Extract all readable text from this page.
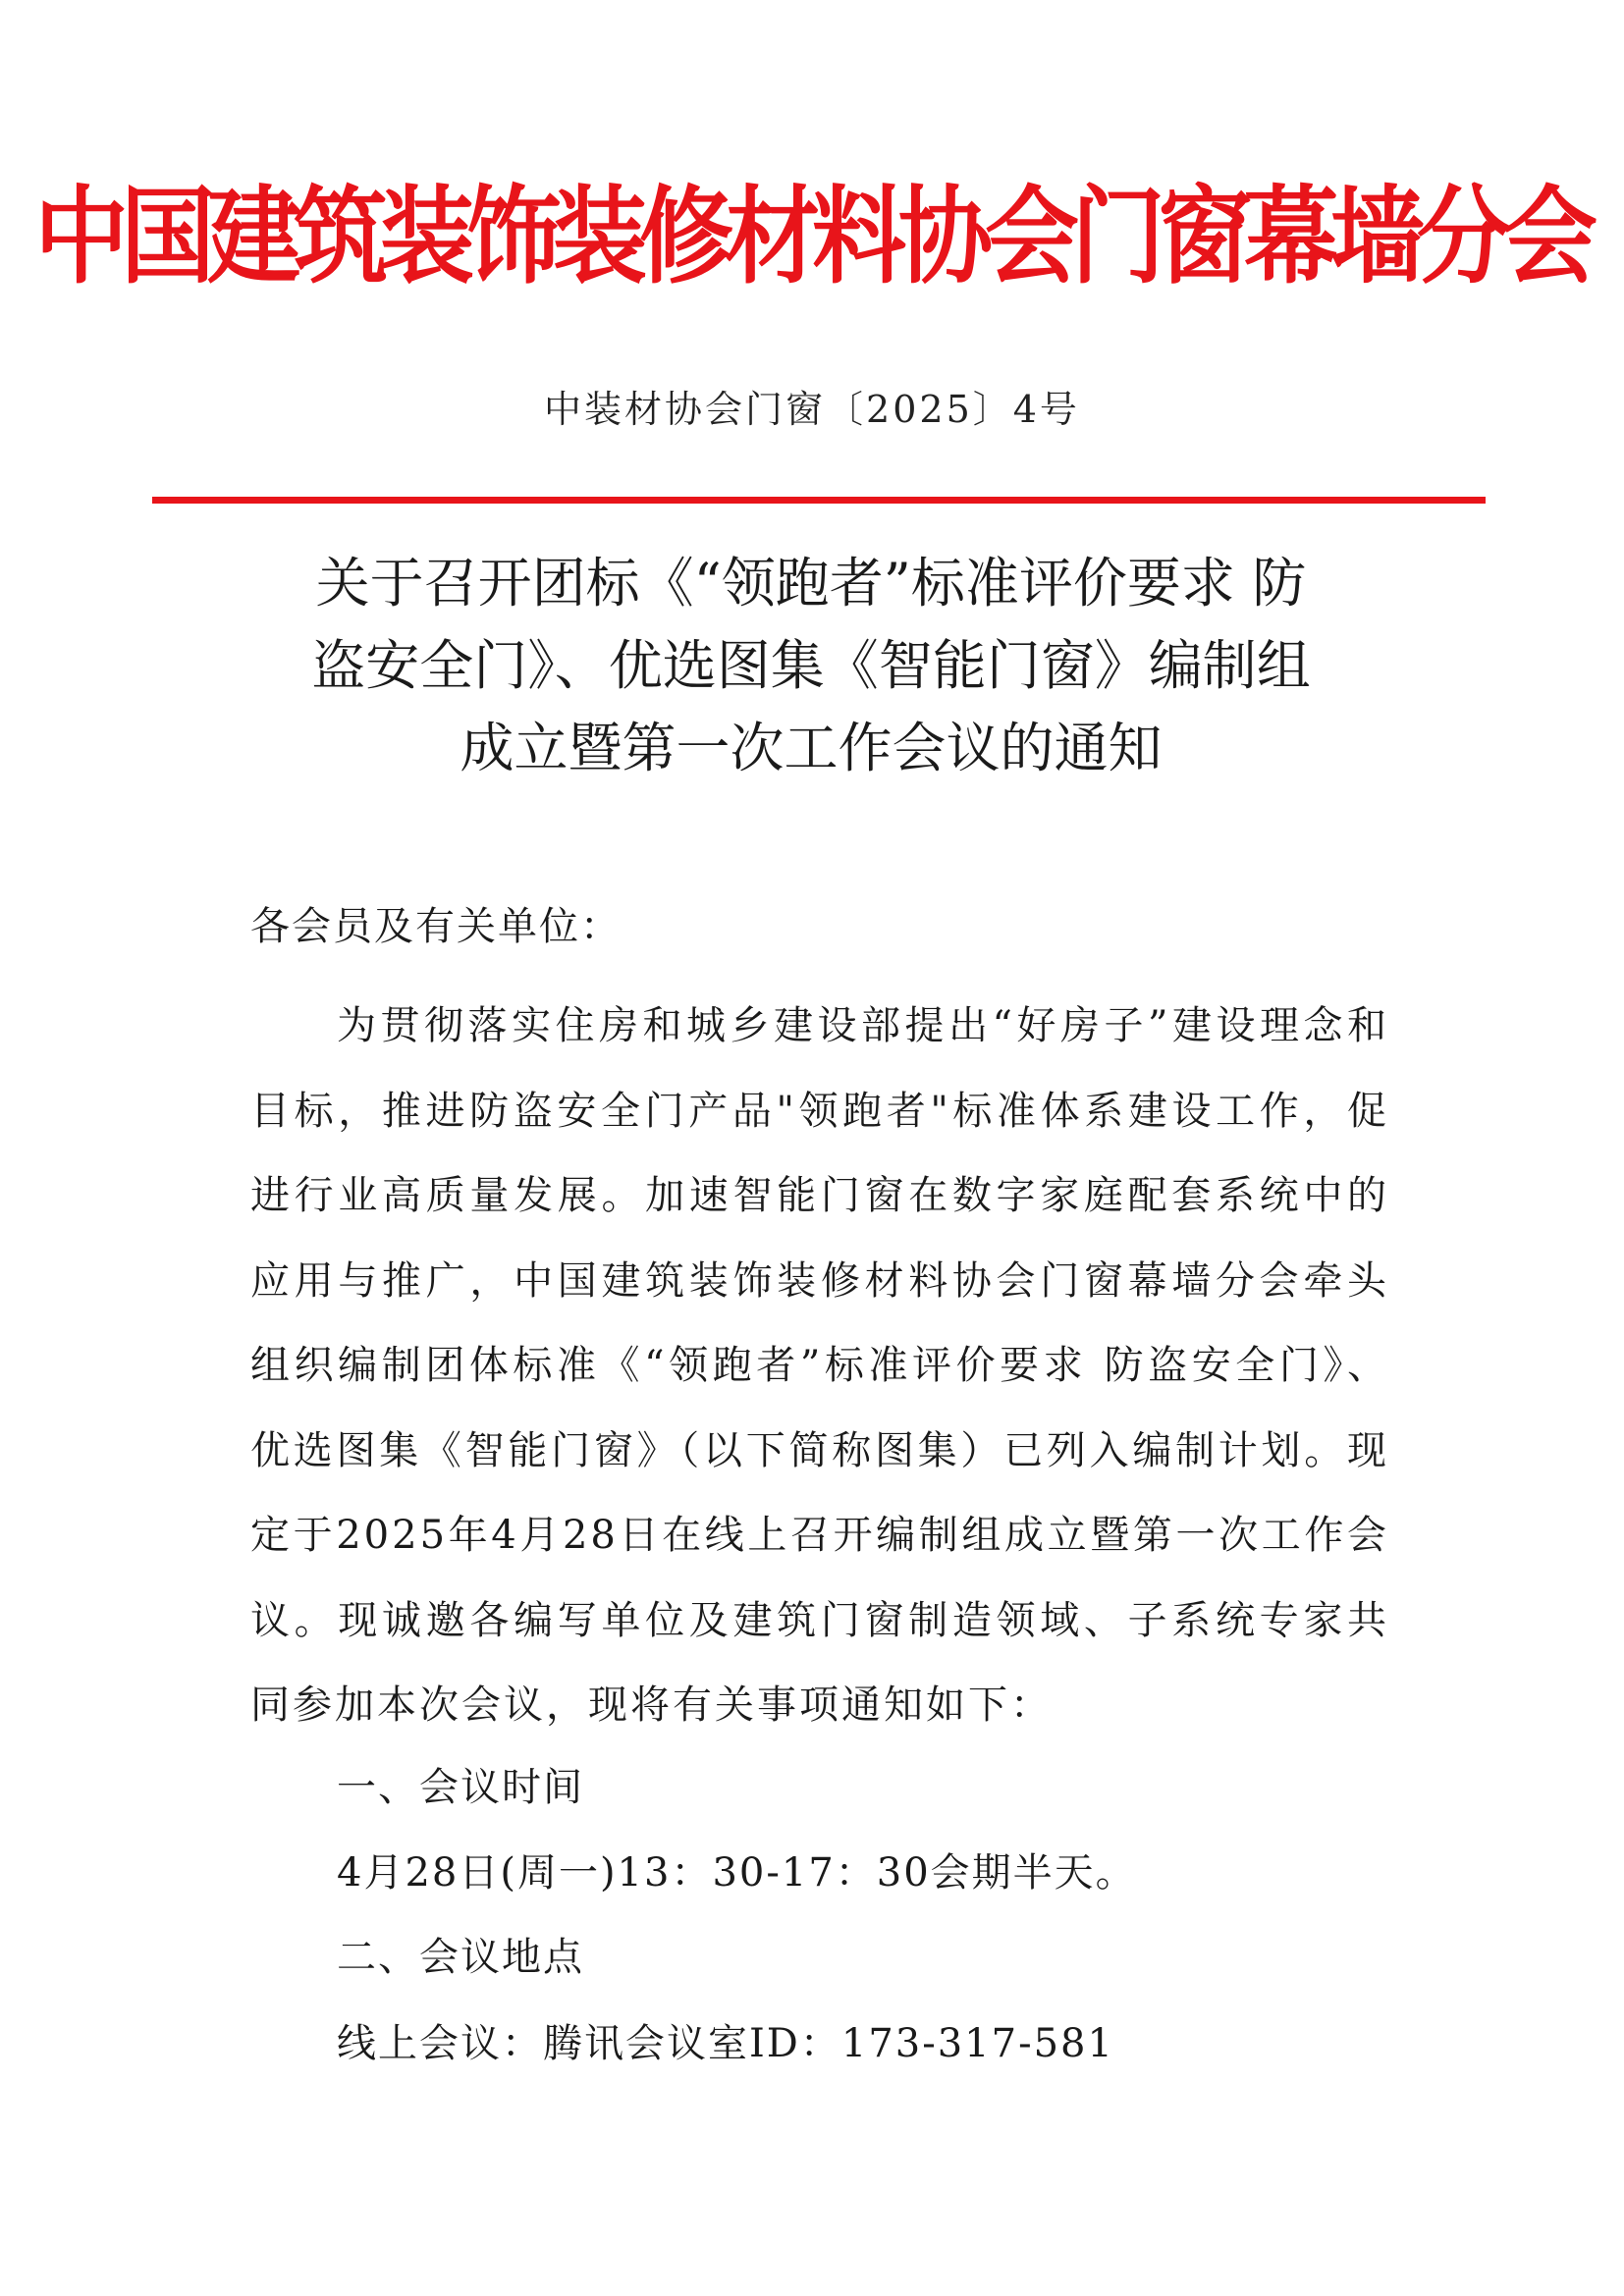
中国建筑装饰装修材料协会门窗幕墙分会
中装材协会门窗〔2025〕4号
关于召开团标《“领跑者”标准评价要求 防
盗安全门》、优选图集《智能门窗》编制组
成立暨第一次工作会议的通知
各会员及有关单位：
为贯彻落实住房和城乡建设部提出“好房子”建设理念和目标，推进防盗安全门产品"领跑者"标准体系建设工作，促进行业高质量发展。加速智能门窗在数字家庭配套系统中的应用与推广，中国建筑装饰装修材料协会门窗幕墙分会牵头组织编制团体标准《“领跑者”标准评价要求 防盗安全门》、优选图集《智能门窗》（以下简称图集）已列入编制计划。现定于2025年4月28日在线上召开编制组成立暨第一次工作会议。现诚邀各编写单位及建筑门窗制造领域、子系统专家共同参加本次会议，现将有关事项通知如下：
一、会议时间
4月28日(周一)13：30-17：30会期半天。
二、会议地点
线上会议：腾讯会议室ID：173-317-581
